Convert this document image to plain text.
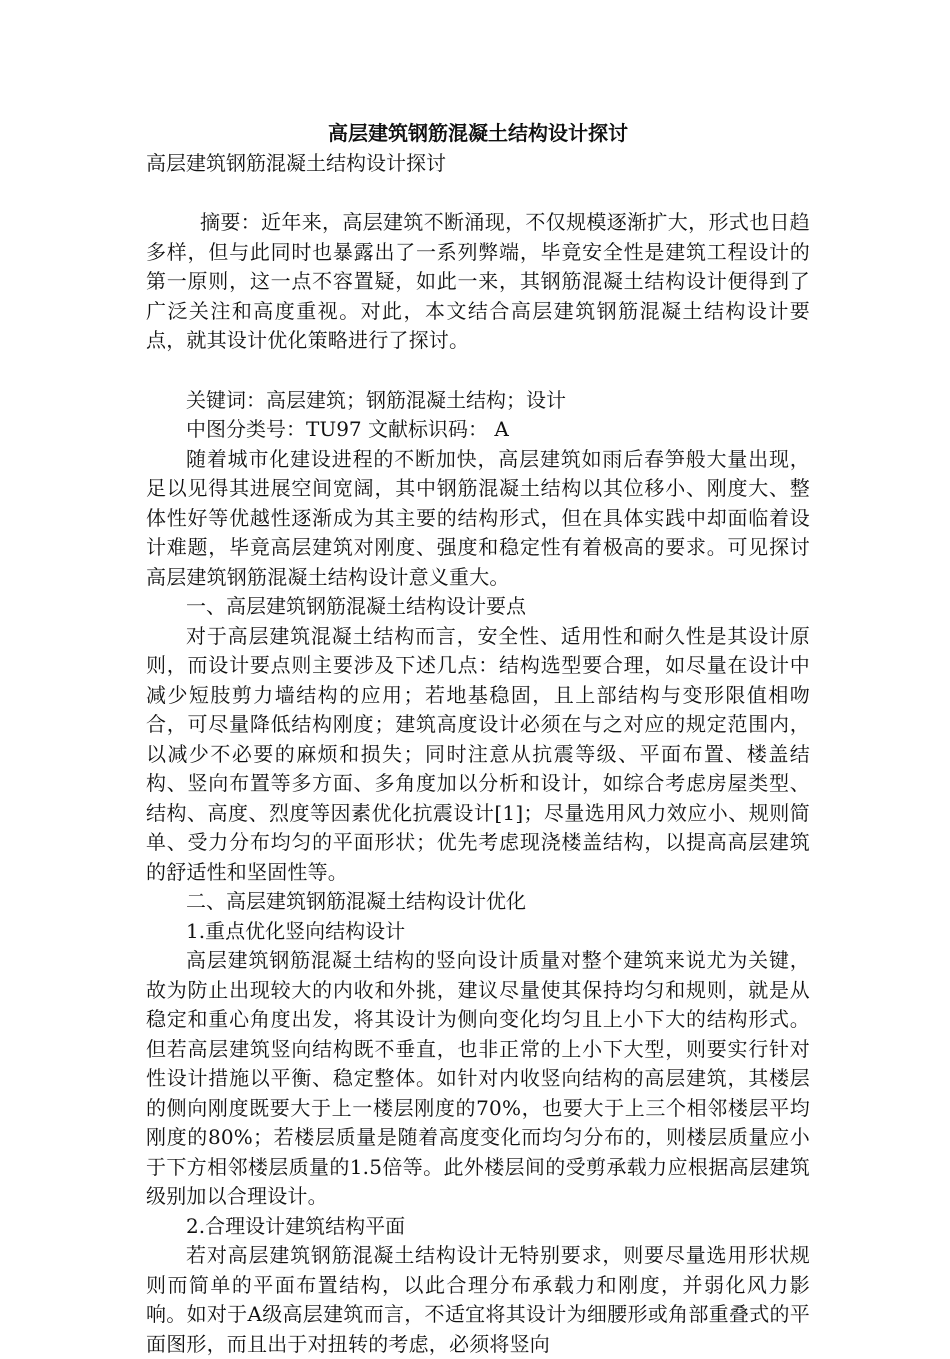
高层建筑钢筋混凝土结构设计探讨

高层建筑钢筋混凝土结构设计探讨

摘要：近年来，高层建筑不断涌现，不仅规模逐渐扩大，形式也日趋多样，但与此同时也暴露出了一系列弊端，毕竟安全性是建筑工程设计的第一原则，这一点不容置疑，如此一来，其钢筋混凝土结构设计便得到了广泛关注和高度重视。对此，本文结合高层建筑钢筋混凝土结构设计要点，就其设计优化策略进行了探讨。

关键词：高层建筑；钢筋混凝土结构；设计

中图分类号：TU97 文献标识码： A

随着城市化建设进程的不断加快，高层建筑如雨后春笋般大量出现，足以见得其进展空间宽阔，其中钢筋混凝土结构以其位移小、刚度大、整体性好等优越性逐渐成为其主要的结构形式，但在具体实践中却面临着设计难题，毕竟高层建筑对刚度、强度和稳定性有着极高的要求。可见探讨高层建筑钢筋混凝土结构设计意义重大。

一、高层建筑钢筋混凝土结构设计要点

对于高层建筑混凝土结构而言，安全性、适用性和耐久性是其设计原则，而设计要点则主要涉及下述几点：结构选型要合理，如尽量在设计中减少短肢剪力墙结构的应用；若地基稳固，且上部结构与变形限值相吻合，可尽量降低结构刚度；建筑高度设计必须在与之对应的规定范围内，以减少不必要的麻烦和损失；同时注意从抗震等级、平面布置、楼盖结构、竖向布置等多方面、多角度加以分析和设计，如综合考虑房屋类型、结构、高度、烈度等因素优化抗震设计[1]；尽量选用风力效应小、规则简单、受力分布均匀的平面形状；优先考虑现浇楼盖结构，以提高高层建筑的舒适性和坚固性等。

二、高层建筑钢筋混凝土结构设计优化

1.重点优化竖向结构设计

高层建筑钢筋混凝土结构的竖向设计质量对整个建筑来说尤为关键，故为防止出现较大的内收和外挑，建议尽量使其保持均匀和规则，就是从稳定和重心角度出发，将其设计为侧向变化均匀且上小下大的结构形式。但若高层建筑竖向结构既不垂直，也非正常的上小下大型，则要实行针对性设计措施以平衡、稳定整体。如针对内收竖向结构的高层建筑，其楼层的侧向刚度既要大于上一楼层刚度的70%，也要大于上三个相邻楼层平均刚度的80%；若楼层质量是随着高度变化而均匀分布的，则楼层质量应小于下方相邻楼层质量的1.5倍等。此外楼层间的受剪承载力应根据高层建筑级别加以合理设计。

2.合理设计建筑结构平面

若对高层建筑钢筋混凝土结构设计无特别要求，则要尽量选用形状规则而简单的平面布置结构，以此合理分布承载力和刚度，并弱化风力影响。如对于A级高层建筑而言，不适宜将其设计为细腰形或角部重叠式的平面图形，而且出于对扭转的考虑，必须将竖向
